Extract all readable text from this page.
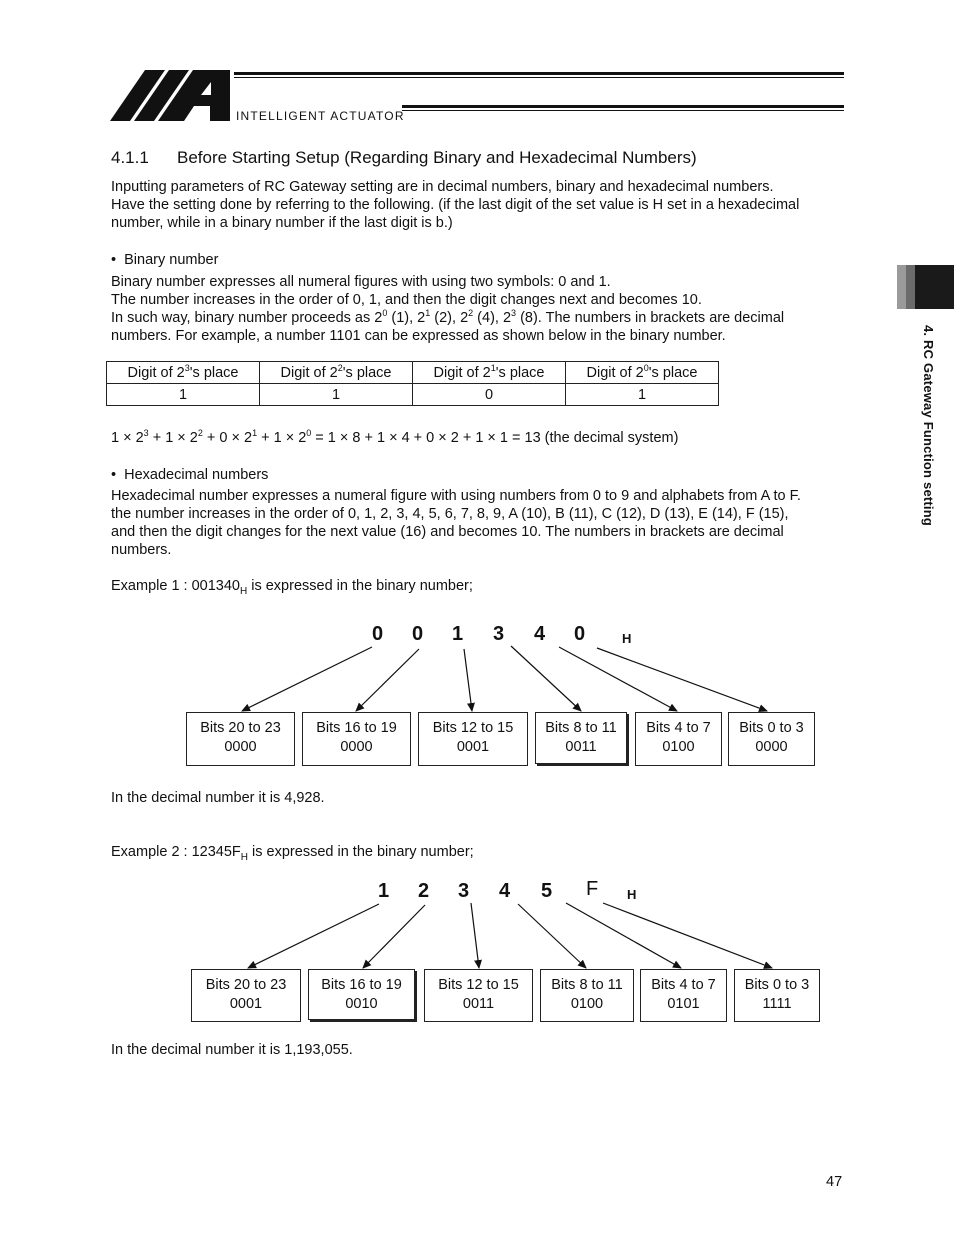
INTELLIGENT ACTUATOR
4.1.1 Before Starting Setup (Regarding Binary and Hexadecimal Numbers)
Inputting parameters of RC Gateway setting are in decimal numbers, binary and hexadecimal numbers.
Have the setting done by referring to the following. (if the last digit of the set value is H set in a hexadecimal
number, while in a binary number if the last digit is b.)
•  Binary number
Binary number expresses all numeral figures with using two symbols: 0 and 1.
The number increases in the order of 0, 1, and then the digit changes next and becomes 10.
In such way, binary number proceeds as $2^0$ (1), $2^1$ (2), $2^2$ (4), $2^3$ (8). The numbers in brackets are decimal
numbers. For example, a number 1101 can be expressed as shown below in the binary number.
Digit of $2^3's$ place	Digit of $2^2's$ place	Digit of $2^1's$ place	Digit of $2^0's$ place
1	1	0	1
$1 \times 2^3 + 1 \times 2^2 + 0 \times 2^1 + 1 \times 2^0 = 1 \times 8 + 1 \times 4 + 0 \times 2 + 1 \times 1 = 13$ (the decimal system)
•  Hexadecimal numbers
Hexadecimal number expresses a numeral figure with using numbers from 0 to 9 and alphabets from A to F.
the number increases in the order of 0, 1, 2, 3, 4, 5, 6, 7, 8, 9, A (10), B (11), C (12), D (13), E (14), F (15),
and then the digit changes for the next value (16) and becomes 10. The numbers in brackets are decimal
numbers.
Example 1 : $001340_H$ is expressed in the binary number;
0 0 1 3 4 0	H
Bits 20 to 23
0000
Bits 16 to 19
0000
Bits 12 to 15
0001
Bits 8 to 11
0011
Bits 4 to 7
0100
Bits 0 to 3
0000
In the decimal number it is 4,928.
Example 2 : $12345F_H$ is expressed in the binary number;
1 2 3 4 5 F H
Bits 20 to 23
0001
Bits 16 to 19
0010
Bits 12 to 15
0011
Bits 8 to 11
0100
Bits 4 to 7
0101
Bits 0 to 3
1111
In the decimal number it is 1,193,055.
4. RC Gateway Function setting
47
